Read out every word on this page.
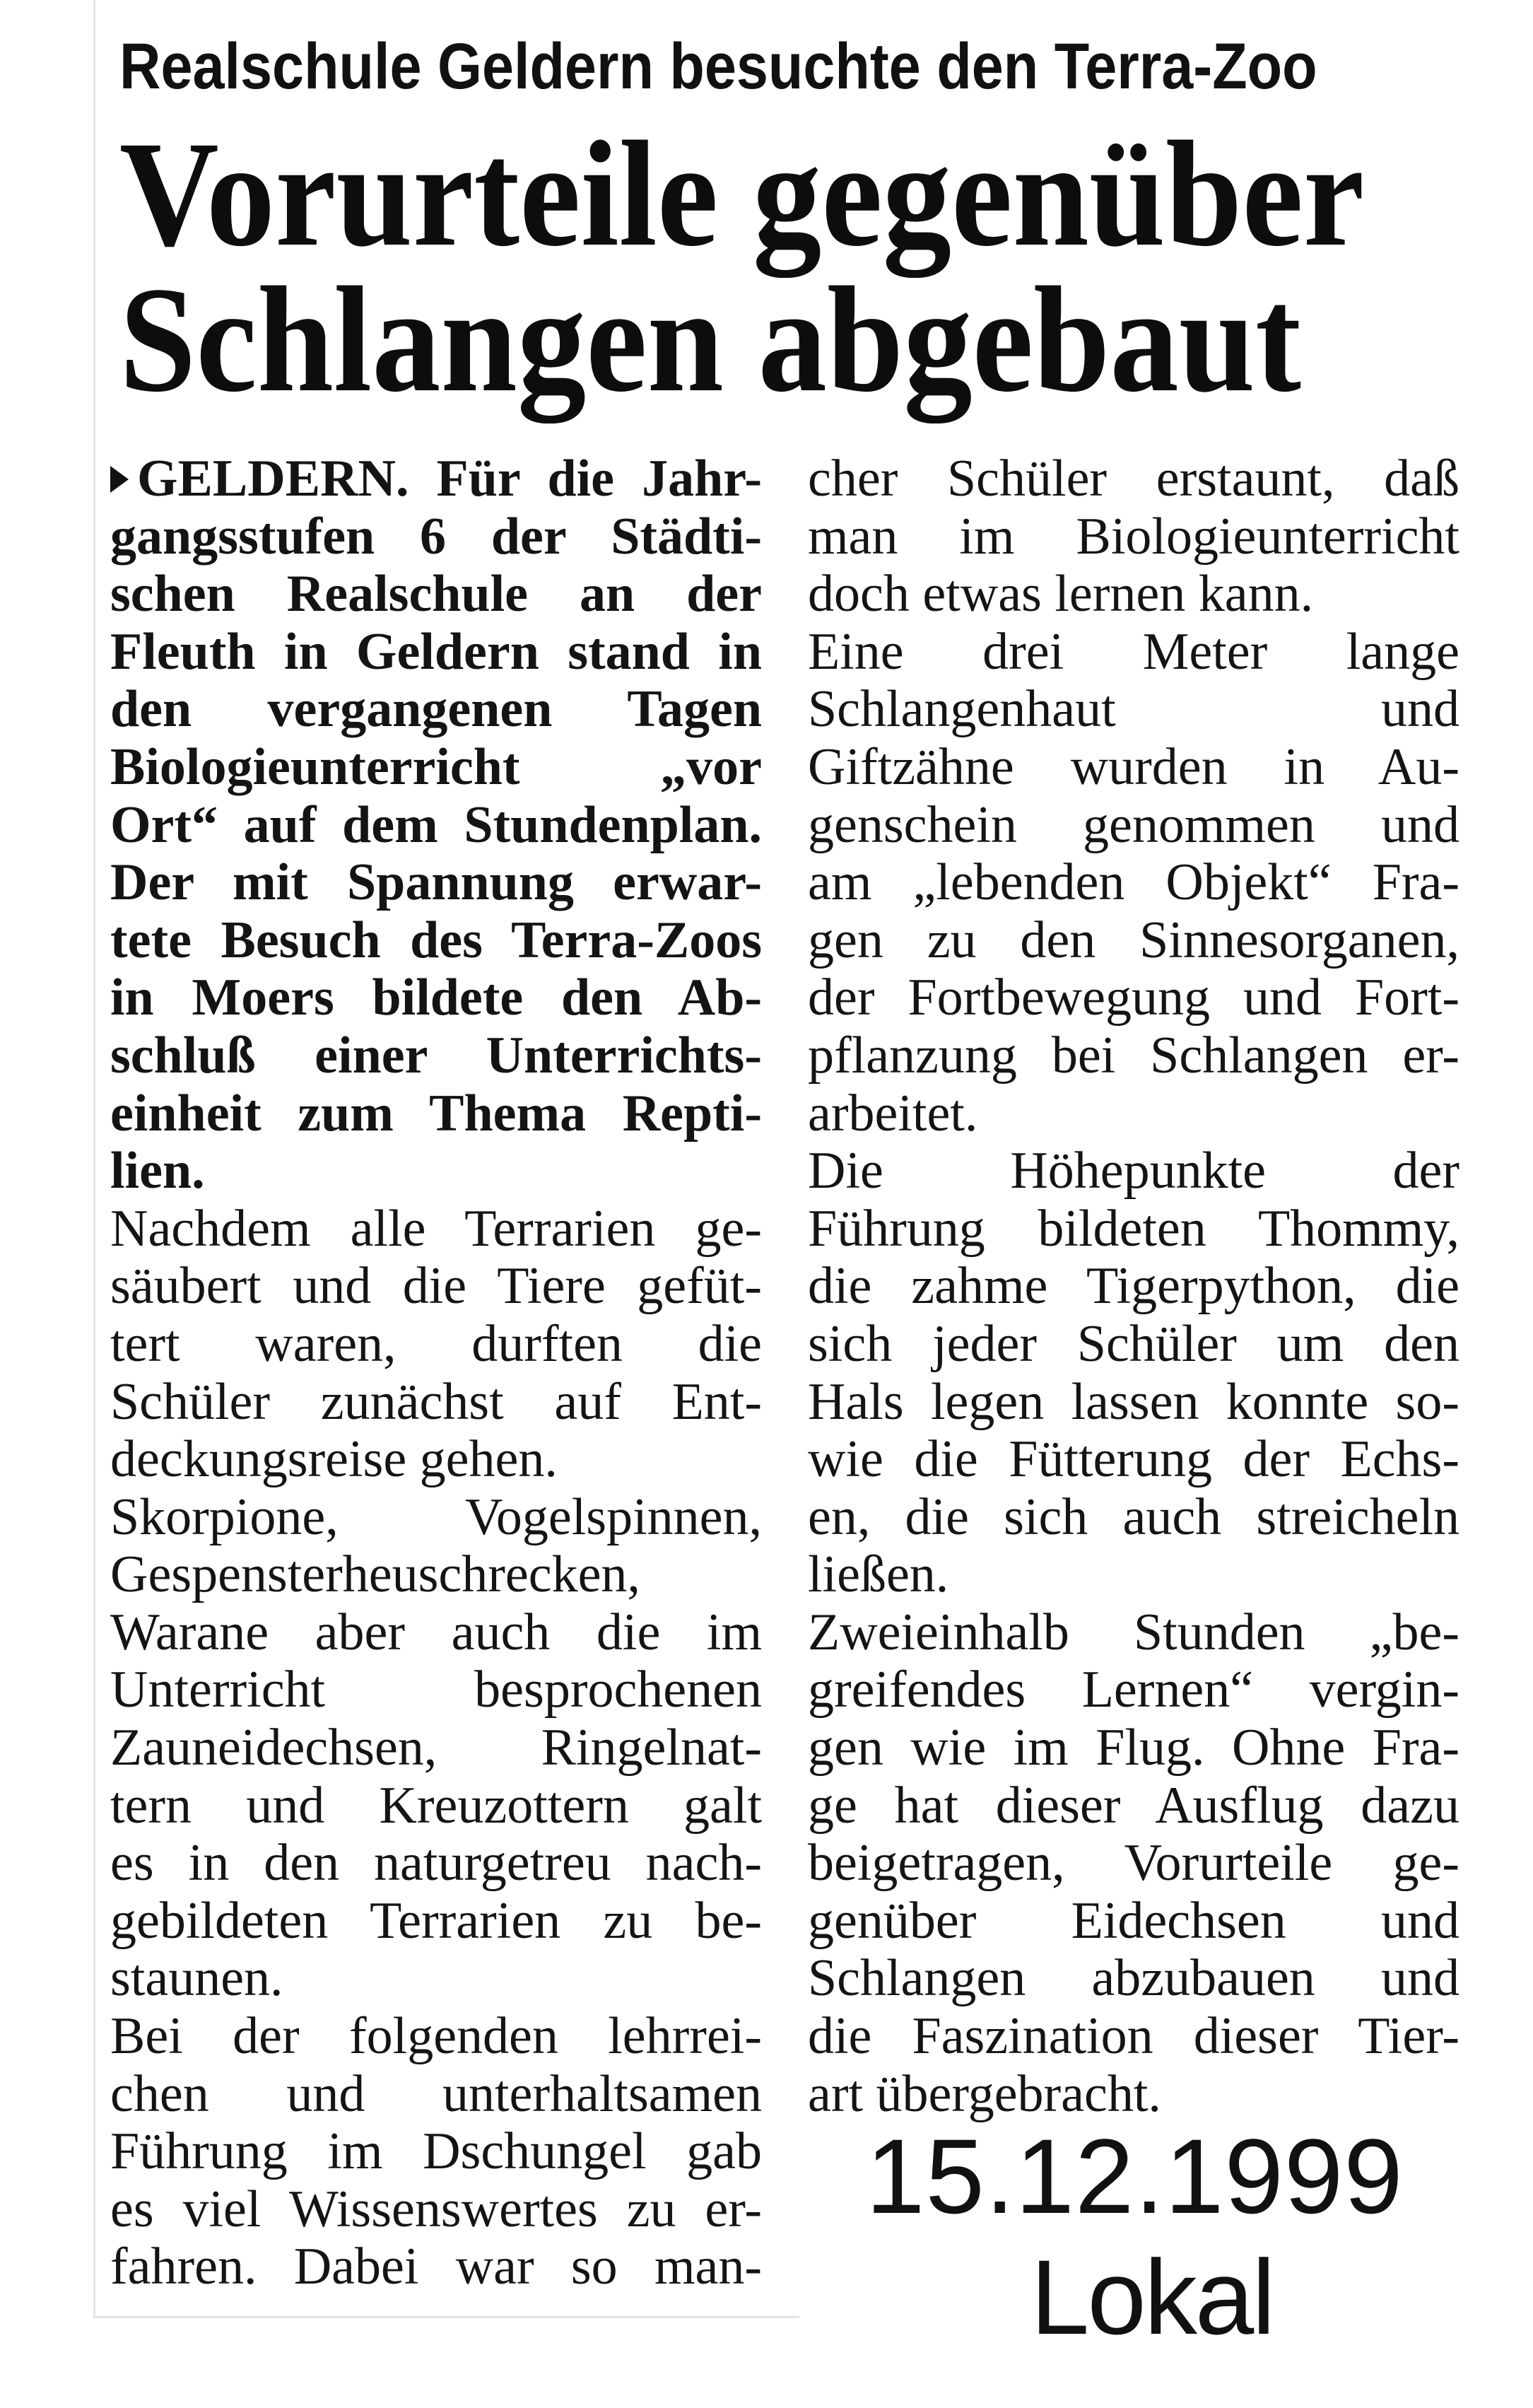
Realschule Geldern besuchte den Terra-Zoo
Vorurteile gegenüber
Schlangen abgebaut
GELDERN. Für die Jahr-
gangsstufen 6 der Städti-
schen Realschule an der
Fleuth in Geldern stand in
den vergangenen Tagen
Biologieunterricht „vor
Ort“ auf dem Stundenplan.
Der mit Spannung erwar-
tete Besuch des Terra-Zoos
in Moers bildete den Ab-
schluß einer Unterrichts-
einheit zum Thema Repti-
lien.
Nachdem alle Terrarien ge-
säubert und die Tiere gefüt-
tert waren, durften die
Schüler zunächst auf Ent-
deckungsreise gehen.
Skorpione, Vogelspinnen,
Gespensterheuschrecken,
Warane aber auch die im
Unterricht besprochenen
Zauneidechsen, Ringelnat-
tern und Kreuzottern galt
es in den naturgetreu nach-
gebildeten Terrarien zu be-
staunen.
Bei der folgenden lehrrei-
chen und unterhaltsamen
Führung im Dschungel gab
es viel Wissenswertes zu er-
fahren. Dabei war so man-
cher Schüler erstaunt, daß
man im Biologieunterricht
doch etwas lernen kann.
Eine drei Meter lange
Schlangenhaut und
Giftzähne wurden in Au-
genschein genommen und
am „lebenden Objekt“ Fra-
gen zu den Sinnesorganen,
der Fortbewegung und Fort-
pflanzung bei Schlangen er-
arbeitet.
Die Höhepunkte der
Führung bildeten Thommy,
die zahme Tigerpython, die
sich jeder Schüler um den
Hals legen lassen konnte so-
wie die Fütterung der Echs-
en, die sich auch streicheln
ließen.
Zweieinhalb Stunden „be-
greifendes Lernen“ vergin-
gen wie im Flug. Ohne Fra-
ge hat dieser Ausflug dazu
beigetragen, Vorurteile ge-
genüber Eidechsen und
Schlangen abzubauen und
die Faszination dieser Tier-
art übergebracht.
15.12.1999
Lokal
